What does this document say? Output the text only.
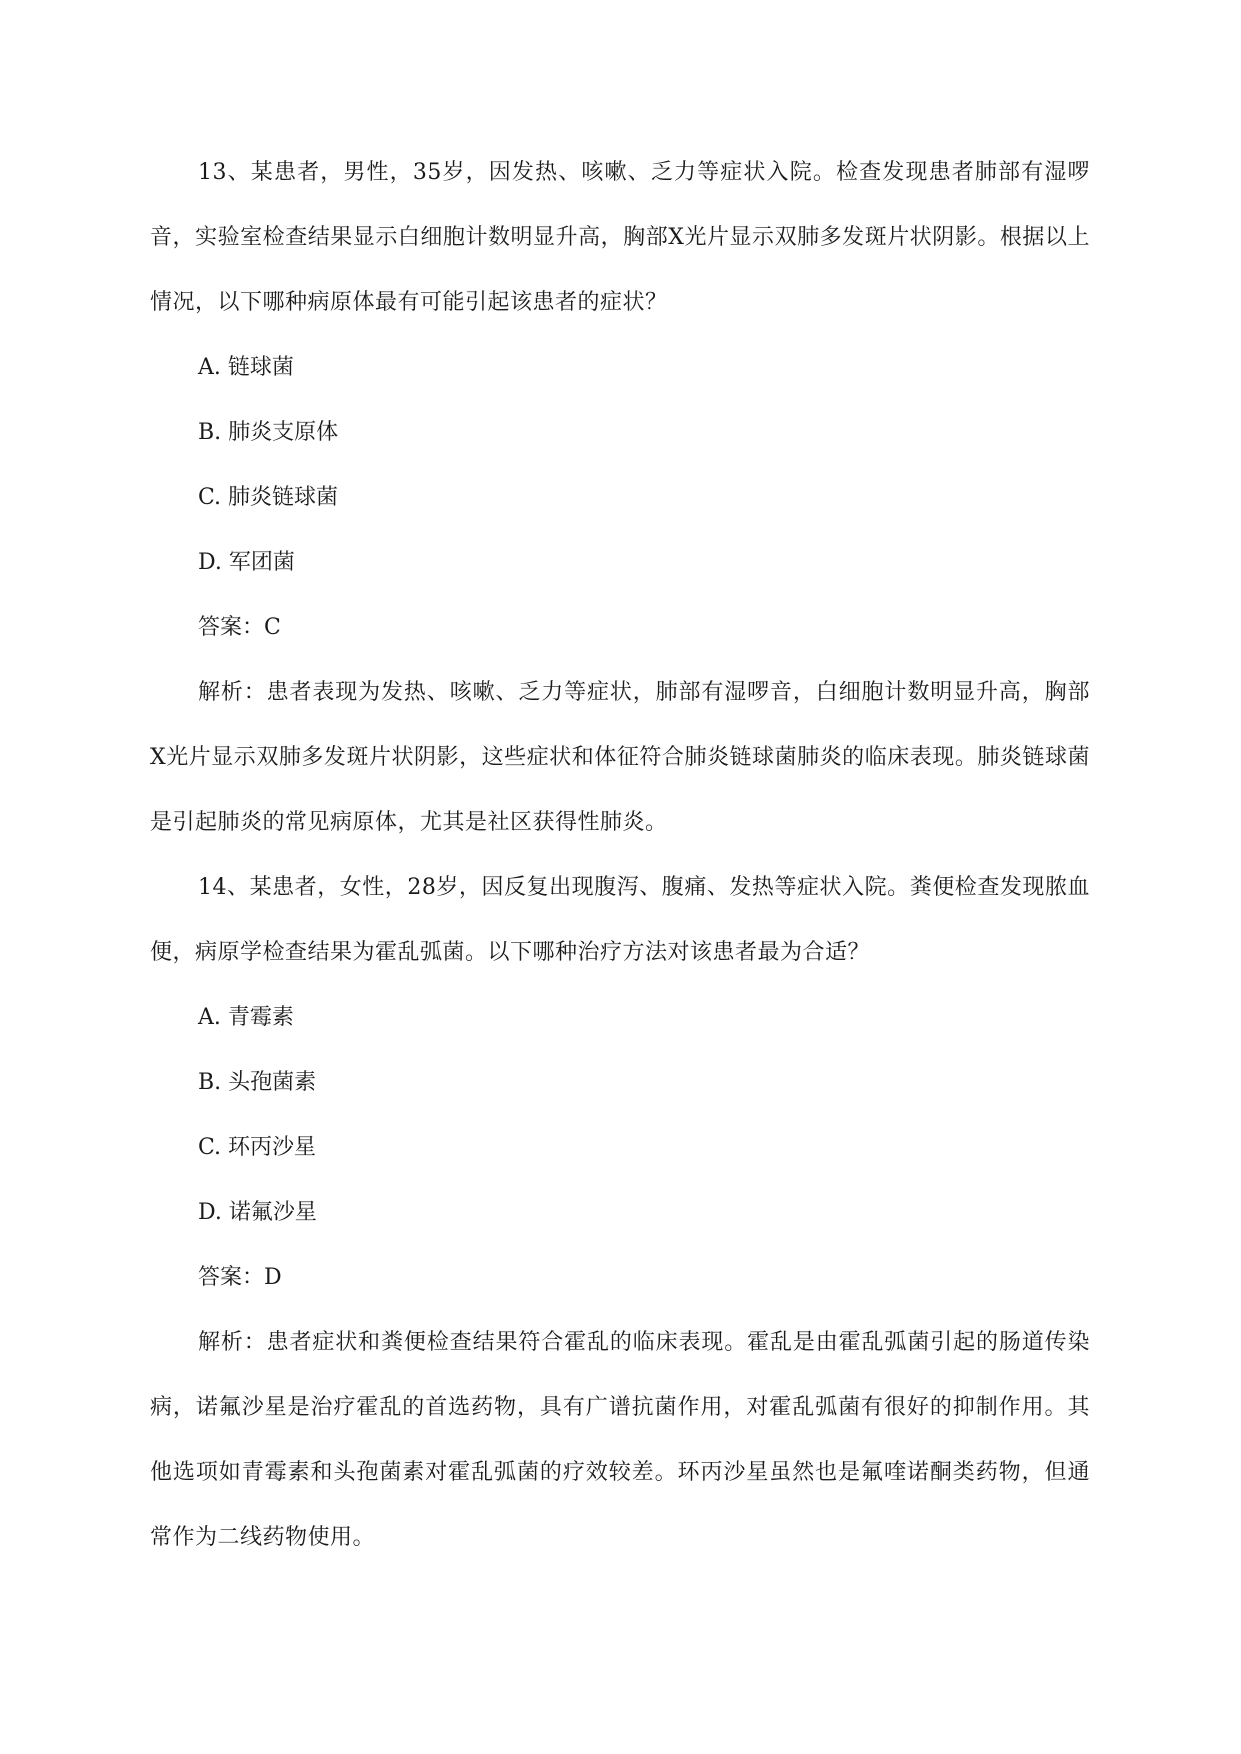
13、某患者，男性，35岁，因发热、咳嗽、乏力等症状入院。检查发现患者肺部有湿啰音，实验室检查结果显示白细胞计数明显升高，胸部X光片显示双肺多发斑片状阴影。根据以上情况，以下哪种病原体最有可能引起该患者的症状？

A. 链球菌

B. 肺炎支原体

C. 肺炎链球菌

D. 军团菌

答案：C

解析：患者表现为发热、咳嗽、乏力等症状，肺部有湿啰音，白细胞计数明显升高，胸部X光片显示双肺多发斑片状阴影，这些症状和体征符合肺炎链球菌肺炎的临床表现。肺炎链球菌是引起肺炎的常见病原体，尤其是社区获得性肺炎。

14、某患者，女性，28岁，因反复出现腹泻、腹痛、发热等症状入院。粪便检查发现脓血便，病原学检查结果为霍乱弧菌。以下哪种治疗方法对该患者最为合适？

A. 青霉素

B. 头孢菌素

C. 环丙沙星

D. 诺氟沙星

答案：D

解析：患者症状和粪便检查结果符合霍乱的临床表现。霍乱是由霍乱弧菌引起的肠道传染病，诺氟沙星是治疗霍乱的首选药物，具有广谱抗菌作用，对霍乱弧菌有很好的抑制作用。其他选项如青霉素和头孢菌素对霍乱弧菌的疗效较差。环丙沙星虽然也是氟喹诺酮类药物，但通常作为二线药物使用。
